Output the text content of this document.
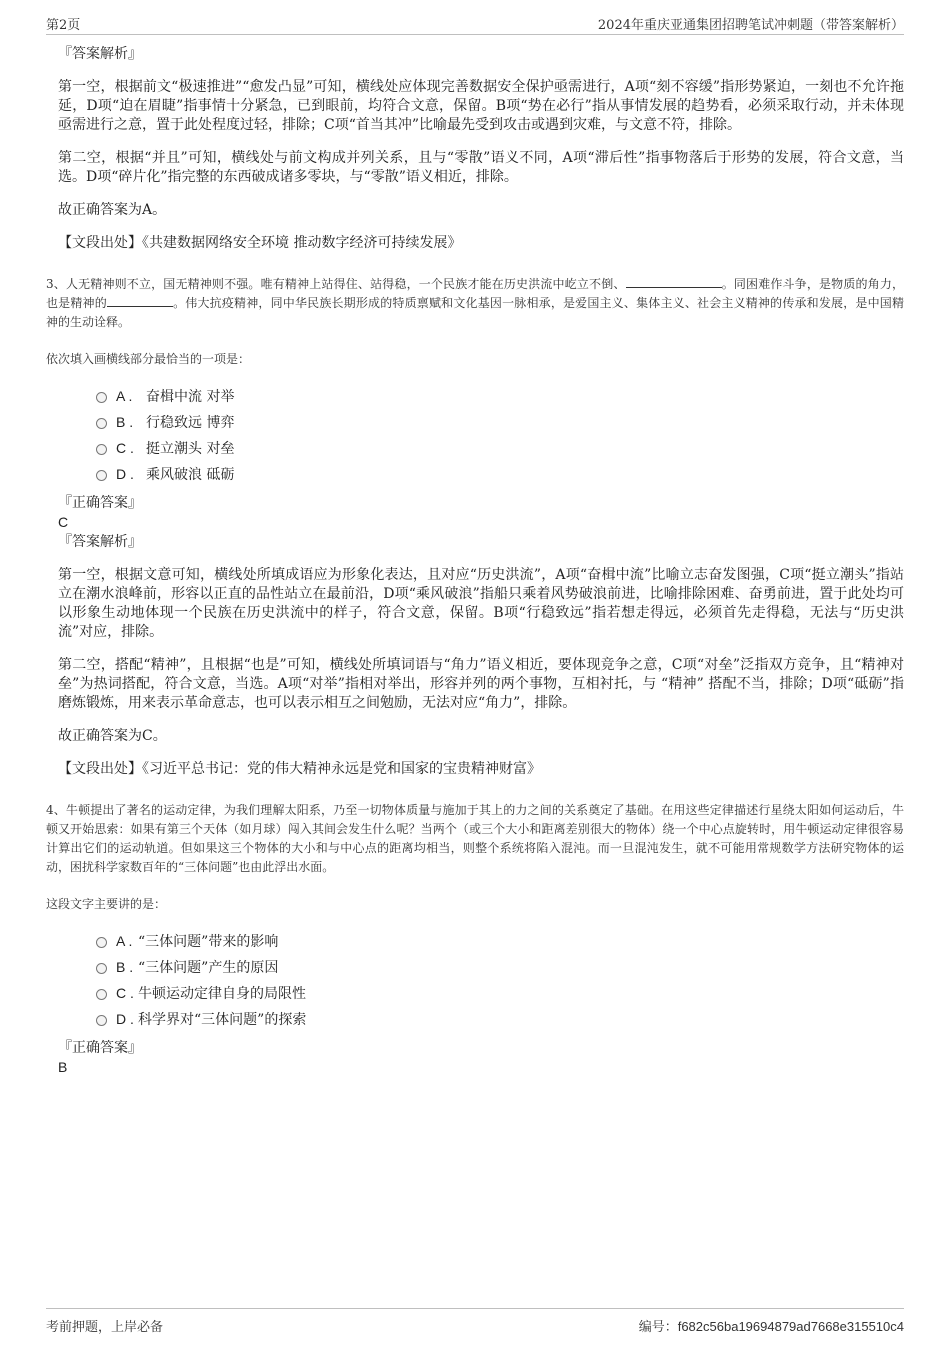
第2页	2024年重庆亚通集团招聘笔试冲刺题（带答案解析）

『答案解析』

第一空，根据前文“极速推进”“愈发凸显”可知，横线处应体现完善数据安全保护亟需进行，A项“刻不容缓”指形势紧迫，一刻也不允许拖延，D项“迫在眉睫”指事情十分紧急，已到眼前，均符合文意，保留。B项“势在必行”指从事情发展的趋势看，必须采取行动，并未体现亟需进行之意，置于此处程度过轻，排除；C项“首当其冲”比喻最先受到攻击或遇到灾难，与文意不符，排除。

第二空，根据“并且”可知，横线处与前文构成并列关系，且与“零散”语义不同，A项“滞后性”指事物落后于形势的发展，符合文意，当选。D项“碎片化”指完整的东西破成诸多零块，与“零散”语义相近，排除。

故正确答案为A。

【文段出处】《共建数据网络安全环境 推动数字经济可持续发展》

3、人无精神则不立，国无精神则不强。唯有精神上站得住、站得稳，一个民族才能在历史洪流中屹立不倒、	。同困难作斗争，是物质的角力，也是精神的	。伟大抗疫精神，同中华民族长期形成的特质禀赋和文化基因一脉相承，是爱国主义、集体主义、社会主义精神的传承和发展，是中国精神的生动诠释。

依次填入画横线部分最恰当的一项是：

A . 奋楫中流 对举
B . 行稳致远 博弈
C . 挺立潮头 对垒
D . 乘风破浪 砥砺

『正确答案』

C

『答案解析』

第一空，根据文意可知，横线处所填成语应为形象化表达，且对应“历史洪流”，A项“奋楫中流”比喻立志奋发图强，C项“挺立潮头”指站立在潮水浪峰前，形容以正直的品性站立在最前沿，D项“乘风破浪”指船只乘着风势破浪前进，比喻排除困难、奋勇前进，置于此处均可以形象生动地体现一个民族在历史洪流中的样子，符合文意，保留。B项“行稳致远”指若想走得远，必须首先走得稳，无法与“历史洪流”对应，排除。

第二空，搭配“精神”，且根据“也是”可知，横线处所填词语与“角力”语义相近，要体现竞争之意，C项“对垒”泛指双方竞争，且“精神对垒”为热词搭配，符合文意，当选。A项“对举”指相对举出，形容并列的两个事物，互相衬托，与 “精神” 搭配不当，排除；D项“砥砺”指磨炼锻炼，用来表示革命意志，也可以表示相互之间勉励，无法对应“角力”，排除。

故正确答案为C。

【文段出处】《习近平总书记：党的伟大精神永远是党和国家的宝贵精神财富》

4、牛顿提出了著名的运动定律，为我们理解太阳系，乃至一切物体质量与施加于其上的力之间的关系奠定了基础。在用这些定律描述行星绕太阳如何运动后，牛顿又开始思索：如果有第三个天体（如月球）闯入其间会发生什么呢？当两个（或三个大小和距离差别很大的物体）绕一个中心点旋转时，用牛顿运动定律很容易计算出它们的运动轨道。但如果这三个物体的大小和与中心点的距离均相当，则整个系统将陷入混沌。而一旦混沌发生，就不可能用常规数学方法研究物体的运动，困扰科学家数百年的“三体问题”也由此浮出水面。

这段文字主要讲的是：

A . “三体问题”带来的影响
B . “三体问题”产生的原因
C . 牛顿运动定律自身的局限性
D . 科学界对“三体问题”的探索

『正确答案』

B

考前押题，上岸必备	编号：f682c56ba19694879ad7668e315510c4
